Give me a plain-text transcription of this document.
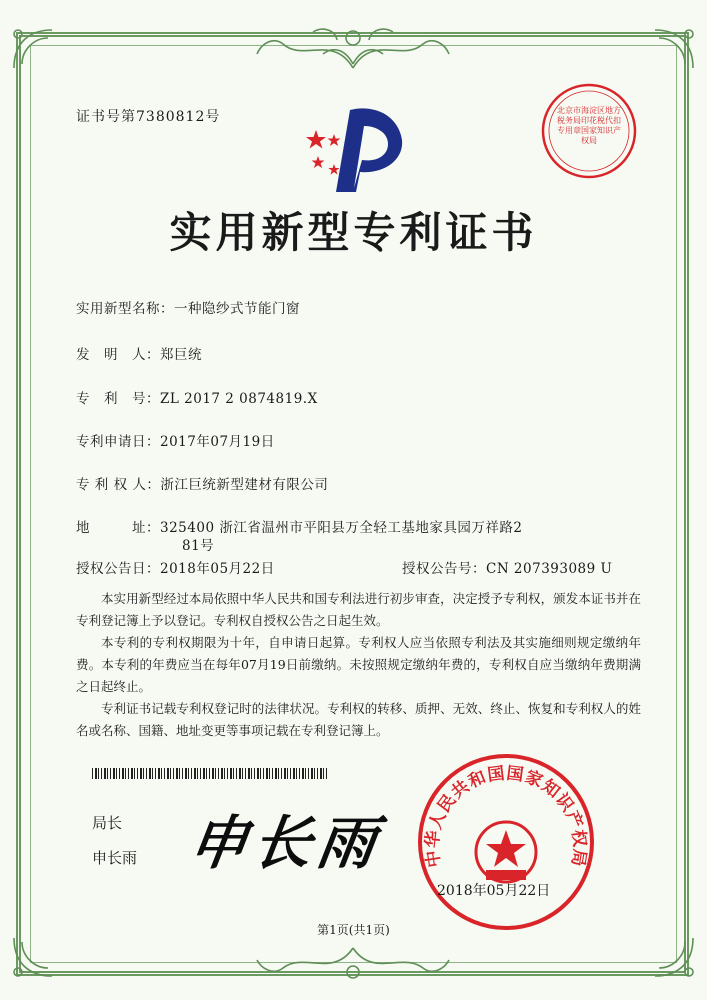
证书号第7380812号	北京市海淀区地方税务局印花税代扣专用章国家知识产权局
实用新型专利证书
实用新型名称：一种隐纱式节能门窗
发　明　人：郑巨统
专　利　号：ZL 2017 2 0874819.X
专利申请日：2017年07月19日
专 利 权 人：浙江巨统新型建材有限公司
地　　　址：325400 浙江省温州市平阳县万全轻工基地家具园万祥路2
81号
授权公告日：2018年05月22日	授权公告号：CN 207393089 U

本实用新型经过本局依照中华人民共和国专利法进行初步审查，决定授予专利权，颁发本证书并在专利登记簿上予以登记。专利权自授权公告之日起生效。

本专利的专利权期限为十年，自申请日起算。专利权人应当依照专利法及其实施细则规定缴纳年费。本专利的年费应当在每年07月19日前缴纳。未按照规定缴纳年费的，专利权自应当缴纳年费期满之日起终止。

专利证书记载专利权登记时的法律状况。专利权的转移、质押、无效、终止、恢复和专利权人的姓名或名称、国籍、地址变更等事项记载在专利登记簿上。

局长
申长雨 申长雨 中华人民共和国国家知识产权局
2018年05月22日
第1页(共1页)
